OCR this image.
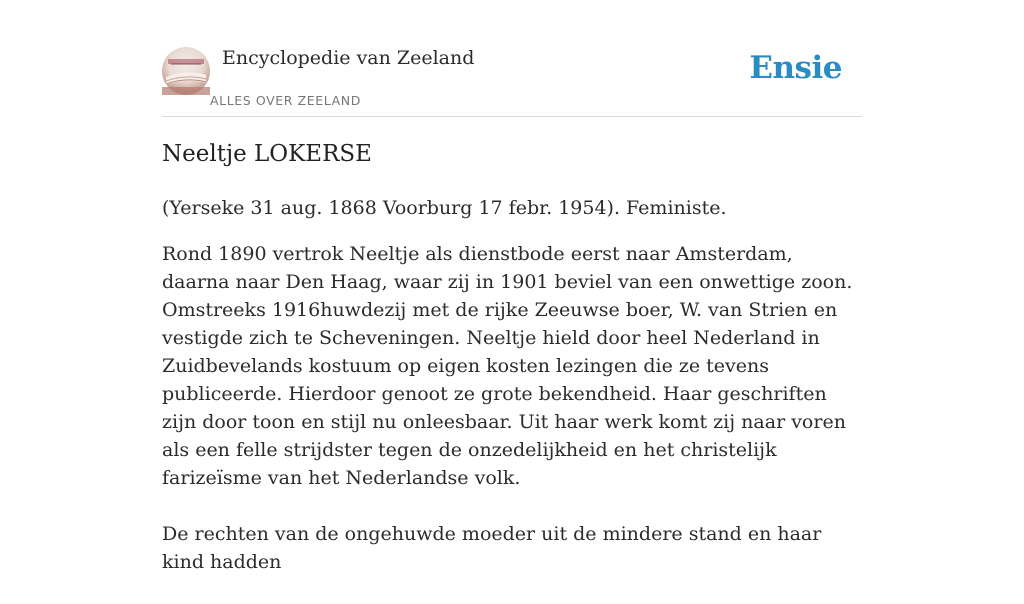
Encyclopedie van Zeeland
ALLES OVER ZEELAND
Ensie
Neeltje LOKERSE

(Yerseke 31 aug. 1868 Voorburg 17 febr. 1954). Feministe.

Rond 1890 vertrok Neeltje als dienstbode eerst naar Amsterdam, daarna naar Den Haag, waar zij in 1901 beviel van een onwettige zoon. Omstreeks 1916huwdezij met de rijke Zeeuwse boer, W. van Strien en vestigde zich te Scheveningen. Neeltje hield door heel Nederland in Zuidbevelands kostuum op eigen kosten lezingen die ze tevens publiceerde. Hierdoor genoot ze grote bekendheid. Haar geschriften zijn door toon en stijl nu onleesbaar. Uit haar werk komt zij naar voren als een felle strijdster tegen de onzedelijkheid en het christelijk farizeïsme van het Nederlandse volk.

De rechten van de ongehuwde moeder uit de mindere stand en haar kind hadden
